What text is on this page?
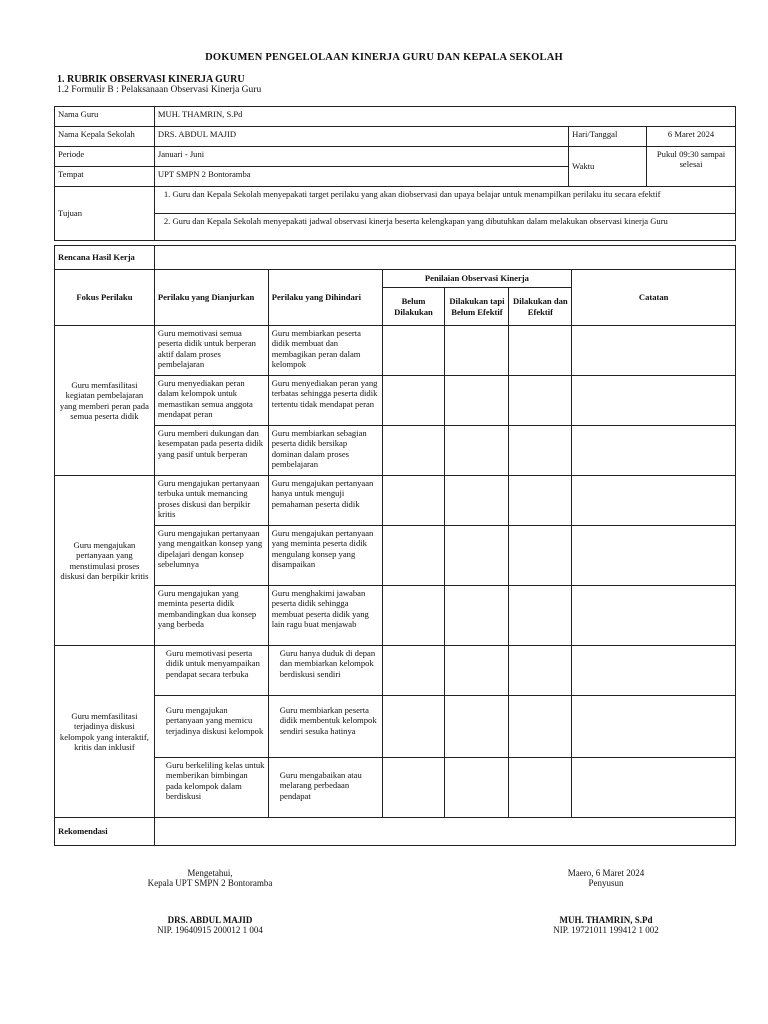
DOKUMEN PENGELOLAAN KINERJA GURU DAN KEPALA SEKOLAH
1. RUBRIK OBSERVASI KINERJA GURU
1.2 Formulir B : Pelaksanaan Observasi Kinerja Guru
Nama Guru	MUH. THAMRIN, S.Pd		
Nama Kepala Sekolah	DRS. ABDUL MAJID	Hari/Tanggal	6 Maret 2024
Periode	Januari - Juni	Waktu	Pukul 09:30 sampai selesai
Tempat	UPT SMPN 2 Bontoramba		
Tujuan	1. Guru dan Kepala Sekolah menyepakati target perilaku yang akan diobservasi dan upaya belajar untuk menampilkan perilaku itu secara efektif		
	2. Guru dan Kepala Sekolah menyepakati jadwal observasi kinerja beserta kelengkapan yang dibutuhkan dalam melakukan observasi kinerja Guru		
Rencana Hasil Kerja						
Fokus Perilaku	Perilaku yang Dianjurkan	Perilaku yang Dihindari	Penilaian Observasi Kinerja			Catatan
			Belum Dilakukan	Dilakukan tapi Belum Efektif	Dilakukan dan Efektif	
Guru memfasilitasi kegiatan pembelajaran yang memberi peran pada semua peserta didik	Guru memotivasi semua peserta didik untuk berperan aktif dalam proses pembelajaran	Guru membiarkan peserta didik membuat dan membagikan peran dalam kelompok				
	Guru menyediakan peran dalam kelompok untuk memastikan semua anggota mendapat peran	Guru menyediakan peran yang terbatas sehingga peserta didik tertentu tidak mendapat peran				
	Guru memberi dukungan dan kesempatan pada peserta didik yang pasif untuk berperan	Guru membiarkan sebagian peserta didik bersikap dominan dalam proses pembelajaran				
Guru mengajukan pertanyaan yang menstimulasi proses diskusi dan berpikir kritis	Guru mengajukan pertanyaan terbuka untuk memancing proses diskusi dan berpikir kritis	Guru mengajukan pertanyaan hanya untuk menguji pemahaman peserta didik				
	Guru mengajukan pertanyaan yang mengaitkan konsep yang dipelajari dengan konsep sebelumnya	Guru mengajukan pertanyaan yang meminta peserta didik mengulang konsep yang disampaikan				
	Guru mengajukan yang meminta peserta didik membandingkan dua konsep yang berbeda	Guru menghakimi jawaban peserta didik sehingga membuat peserta didik yang lain ragu buat menjawab				
Guru memfasilitasi terjadinya diskusi kelompok yang interaktif, kritis dan inklusif	Guru memotivasi peserta didik untuk menyampaikan pendapat secara terbuka	Guru hanya duduk di depan dan membiarkan kelompok berdiskusi sendiri				
	Guru mengajukan pertanyaan yang memicu terjadinya diskusi kelompok	Guru membiarkan peserta didik membentuk kelompok sendiri sesuka hatinya				
	Guru berkeliling kelas untuk memberikan bimbingan pada kelompok dalam berdiskusi	Guru mengabaikan atau melarang perbedaan pendapat				
Rekomendasi						
Mengetahui,
Kepala UPT SMPN 2 Bontoramba
DRS. ABDUL MAJID
NIP. 19640915 200012 1 004
Maero, 6 Maret 2024
Penyusun
MUH. THAMRIN, S.Pd
NIP. 19721011 199412 1 002
